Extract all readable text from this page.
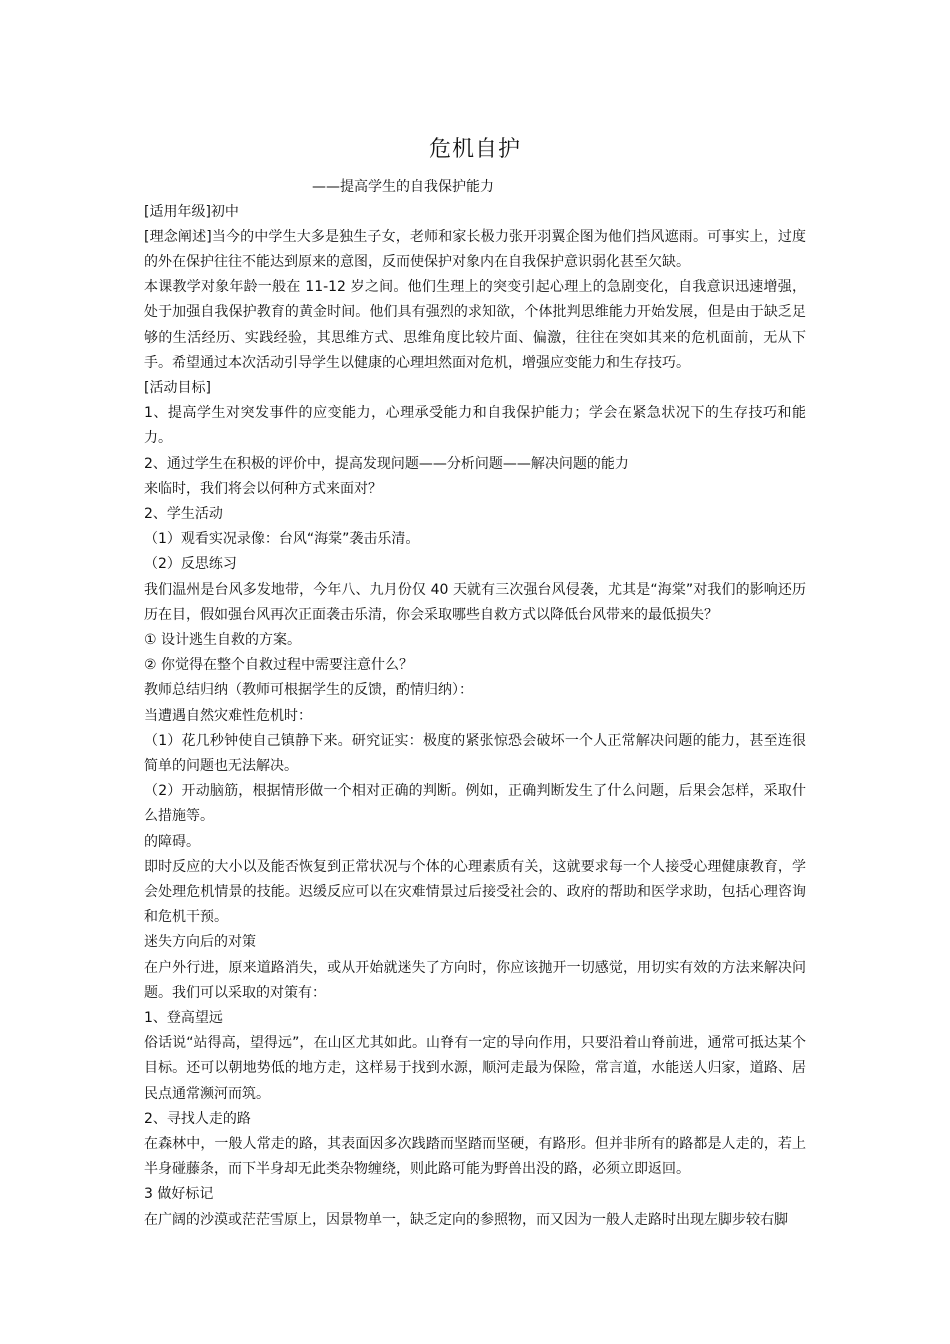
危机自护
——提高学生的自我保护能力

[适用年级]初中

[理念阐述]当今的中学生大多是独生子女，老师和家长极力张开羽翼企图为他们挡风遮雨。可事实上，过度的外在保护往往不能达到原来的意图，反而使保护对象内在自我保护意识弱化甚至欠缺。

本课教学对象年龄一般在 11-12 岁之间。他们生理上的突变引起心理上的急剧变化，自我意识迅速增强，处于加强自我保护教育的黄金时间。他们具有强烈的求知欲，个体批判思维能力开始发展，但是由于缺乏足够的生活经历、实践经验，其思维方式、思维角度比较片面、偏激，往往在突如其来的危机面前，无从下手。希望通过本次活动引导学生以健康的心理坦然面对危机，增强应变能力和生存技巧。

[活动目标]

1、提高学生对突发事件的应变能力，心理承受能力和自我保护能力；学会在紧急状况下的生存技巧和能力。

2、通过学生在积极的评价中，提高发现问题——分析问题——解决问题的能力

来临时，我们将会以何种方式来面对？

2、学生活动

（1）观看实况录像：台风“海棠”袭击乐清。

（2）反思练习

我们温州是台风多发地带，今年八、九月份仅 40 天就有三次强台风侵袭，尤其是“海棠”对我们的影响还历历在目，假如强台风再次正面袭击乐清，你会采取哪些自救方式以降低台风带来的最低损失？

① 设计逃生自救的方案。

② 你觉得在整个自救过程中需要注意什么？

教师总结归纳（教师可根据学生的反馈，酌情归纳）：

当遭遇自然灾难性危机时：

（1）花几秒钟使自己镇静下来。研究证实：极度的紧张惊恐会破坏一个人正常解决问题的能力，甚至连很简单的问题也无法解决。

（2）开动脑筋，根据情形做一个相对正确的判断。例如，正确判断发生了什么问题，后果会怎样，采取什么措施等。

的障碍。

即时反应的大小以及能否恢复到正常状况与个体的心理素质有关，这就要求每一个人接受心理健康教育，学会处理危机情景的技能。迟缓反应可以在灾难情景过后接受社会的、政府的帮助和医学求助，包括心理咨询和危机干预。

迷失方向后的对策

在户外行进，原来道路消失，或从开始就迷失了方向时，你应该抛开一切感觉，用切实有效的方法来解决问题。我们可以采取的对策有：

1、登高望远

俗话说“站得高，望得远”，在山区尤其如此。山脊有一定的导向作用，只要沿着山脊前进，通常可抵达某个目标。还可以朝地势低的地方走，这样易于找到水源，顺河走最为保险，常言道，水能送人归家，道路、居民点通常濒河而筑。

2、寻找人走的路

在森林中，一般人常走的路，其表面因多次践踏而坚踏而坚硬，有路形。但并非所有的路都是人走的，若上半身碰藤条，而下半身却无此类杂物缠绕，则此路可能为野兽出没的路，必须立即返回。

3 做好标记

在广阔的沙漠或茫茫雪原上，因景物单一，缺乏定向的参照物，而又因为一般人走路时出现左脚步较右脚
